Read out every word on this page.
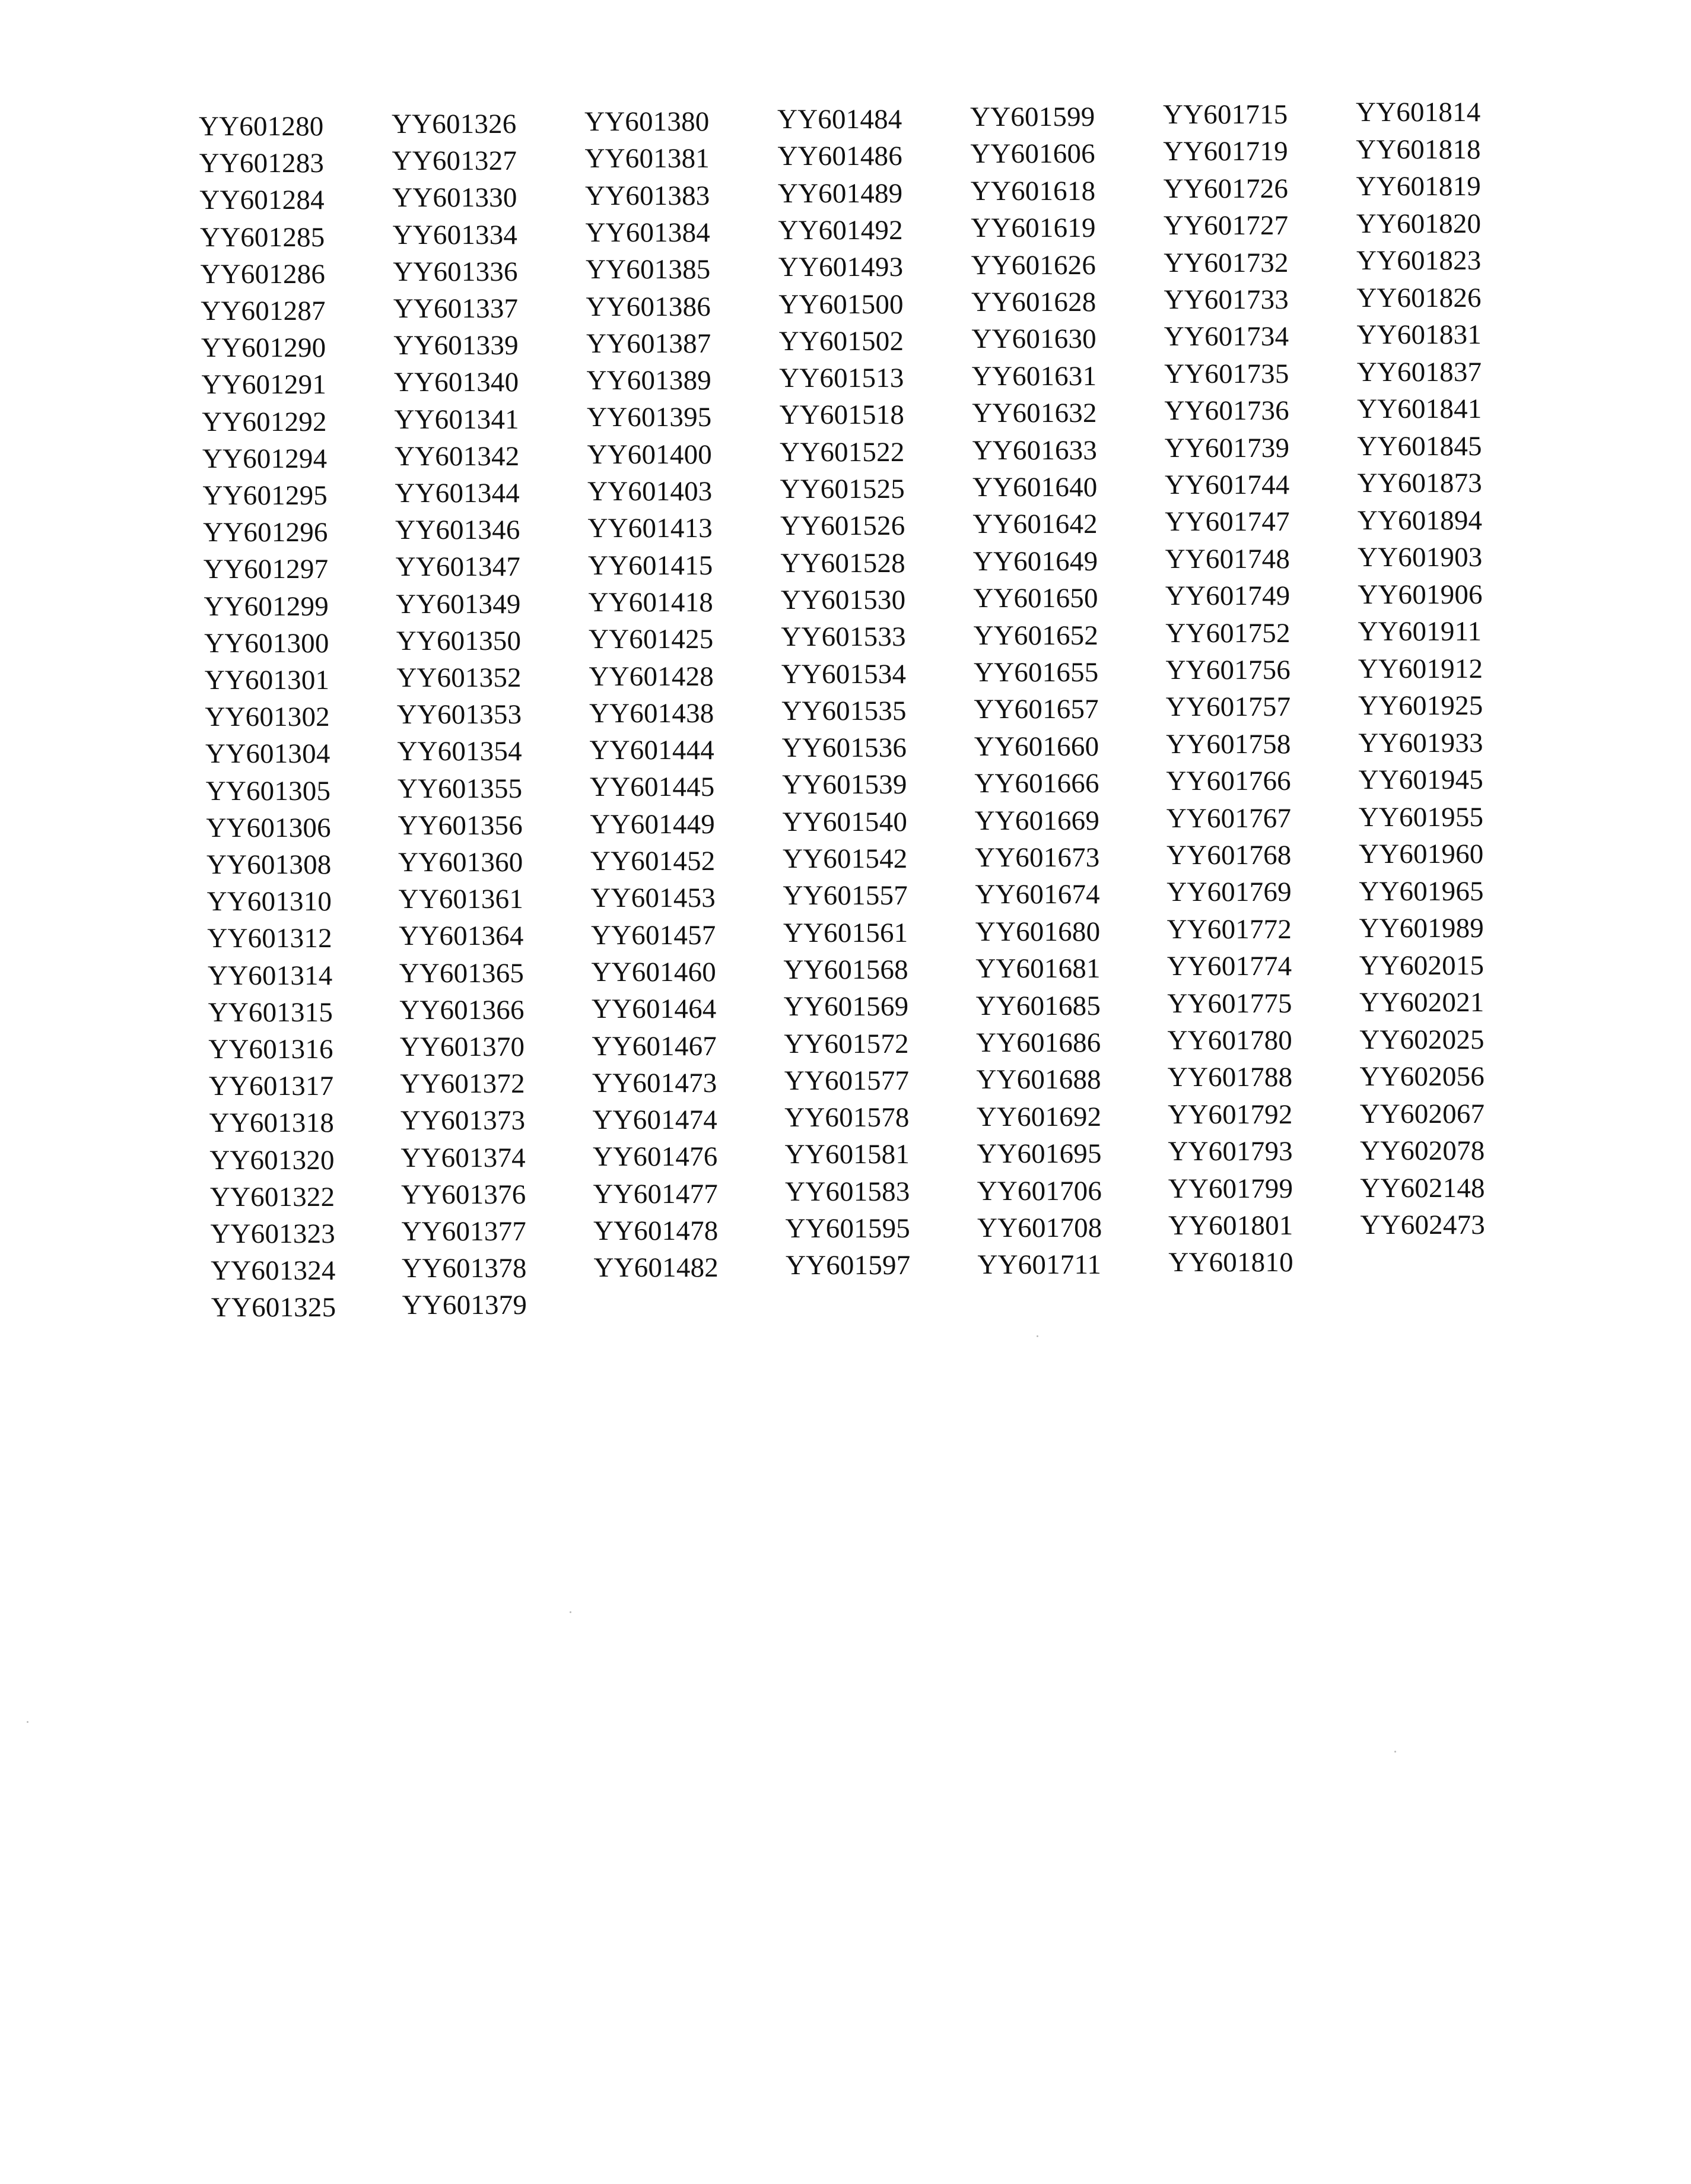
YY601280
YY601283
YY601284
YY601285
YY601286
YY601287
YY601290
YY601291
YY601292
YY601294
YY601295
YY601296
YY601297
YY601299
YY601300
YY601301
YY601302
YY601304
YY601305
YY601306
YY601308
YY601310
YY601312
YY601314
YY601315
YY601316
YY601317
YY601318
YY601320
YY601322
YY601323
YY601324
YY601325
YY601326
YY601327
YY601330
YY601334
YY601336
YY601337
YY601339
YY601340
YY601341
YY601342
YY601344
YY601346
YY601347
YY601349
YY601350
YY601352
YY601353
YY601354
YY601355
YY601356
YY601360
YY601361
YY601364
YY601365
YY601366
YY601370
YY601372
YY601373
YY601374
YY601376
YY601377
YY601378
YY601379
YY601380
YY601381
YY601383
YY601384
YY601385
YY601386
YY601387
YY601389
YY601395
YY601400
YY601403
YY601413
YY601415
YY601418
YY601425
YY601428
YY601438
YY601444
YY601445
YY601449
YY601452
YY601453
YY601457
YY601460
YY601464
YY601467
YY601473
YY601474
YY601476
YY601477
YY601478
YY601482
YY601484
YY601486
YY601489
YY601492
YY601493
YY601500
YY601502
YY601513
YY601518
YY601522
YY601525
YY601526
YY601528
YY601530
YY601533
YY601534
YY601535
YY601536
YY601539
YY601540
YY601542
YY601557
YY601561
YY601568
YY601569
YY601572
YY601577
YY601578
YY601581
YY601583
YY601595
YY601597
YY601599
YY601606
YY601618
YY601619
YY601626
YY601628
YY601630
YY601631
YY601632
YY601633
YY601640
YY601642
YY601649
YY601650
YY601652
YY601655
YY601657
YY601660
YY601666
YY601669
YY601673
YY601674
YY601680
YY601681
YY601685
YY601686
YY601688
YY601692
YY601695
YY601706
YY601708
YY601711
YY601715
YY601719
YY601726
YY601727
YY601732
YY601733
YY601734
YY601735
YY601736
YY601739
YY601744
YY601747
YY601748
YY601749
YY601752
YY601756
YY601757
YY601758
YY601766
YY601767
YY601768
YY601769
YY601772
YY601774
YY601775
YY601780
YY601788
YY601792
YY601793
YY601799
YY601801
YY601810
YY601814
YY601818
YY601819
YY601820
YY601823
YY601826
YY601831
YY601837
YY601841
YY601845
YY601873
YY601894
YY601903
YY601906
YY601911
YY601912
YY601925
YY601933
YY601945
YY601955
YY601960
YY601965
YY601989
YY602015
YY602021
YY602025
YY602056
YY602067
YY602078
YY602148
YY602473
